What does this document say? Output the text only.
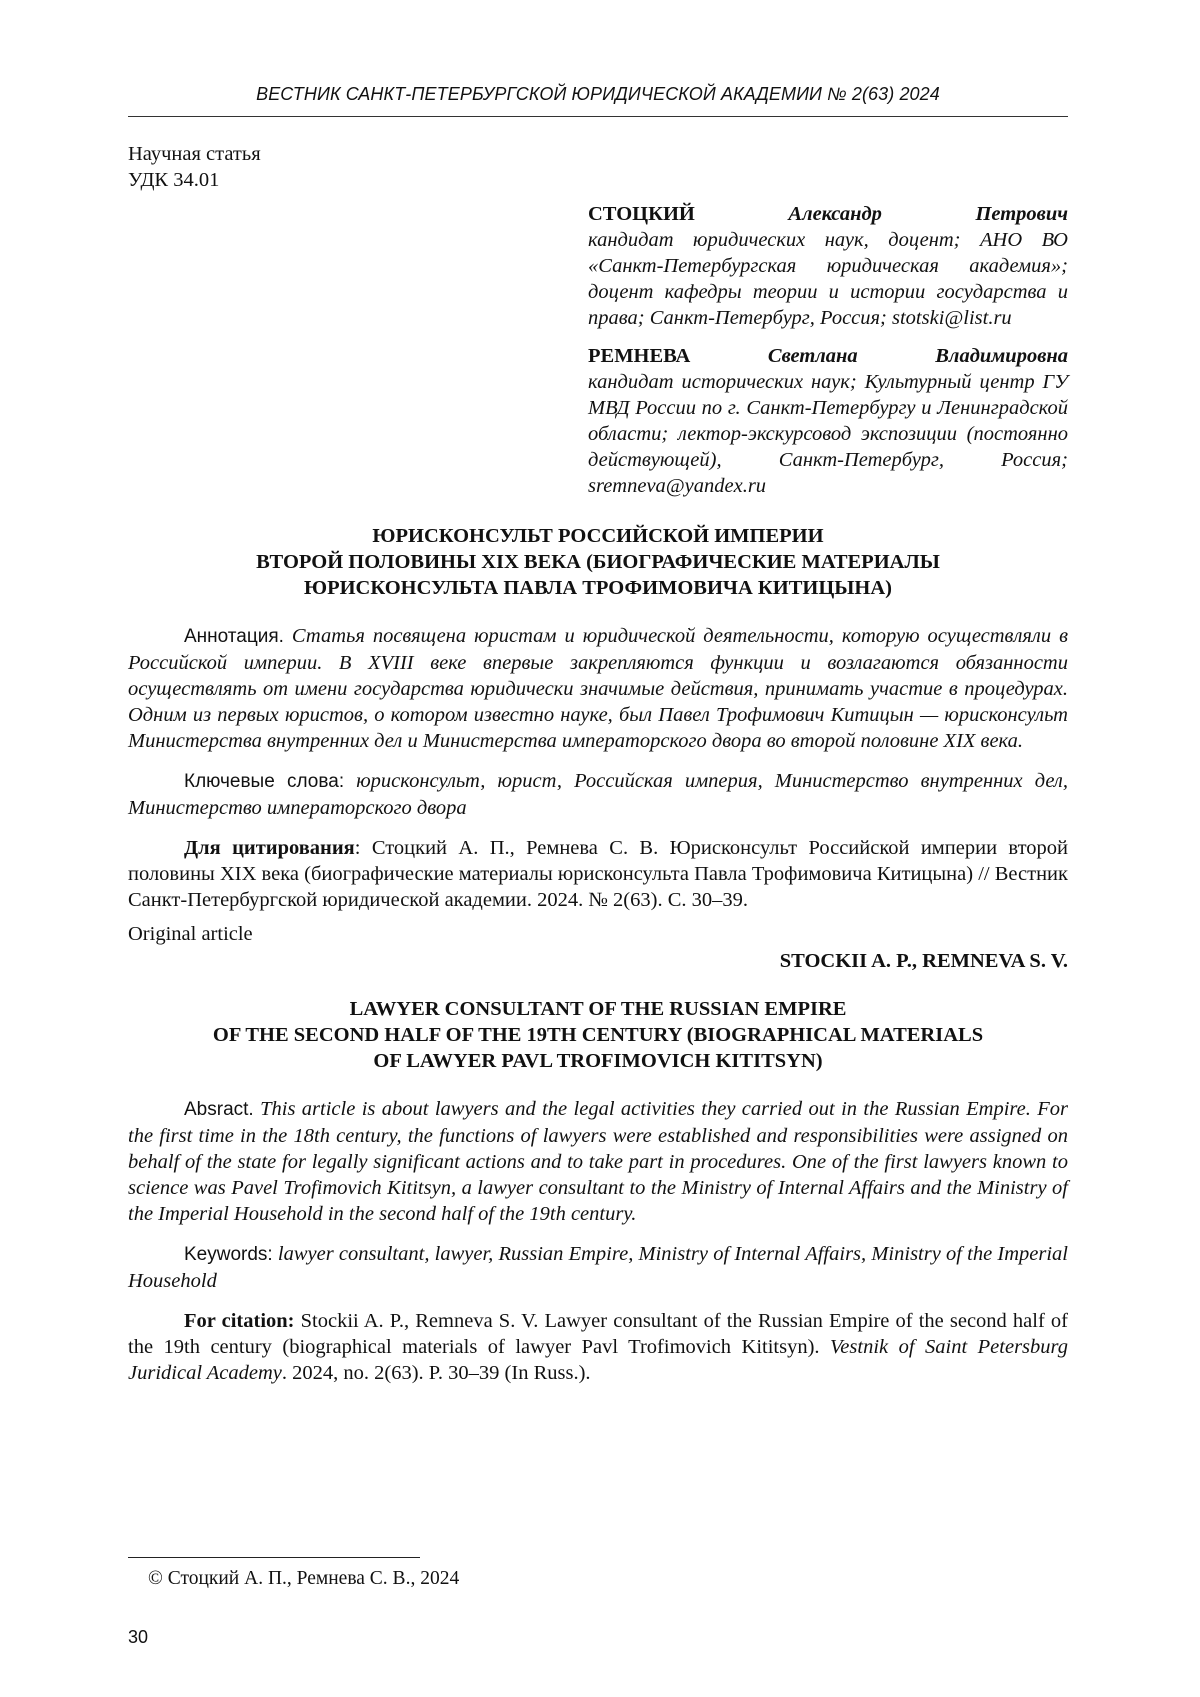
ВЕСТНИК САНКТ-ПЕТЕРБУРГСКОЙ ЮРИДИЧЕСКОЙ АКАДЕМИИ № 2(63) 2024

Научная статья

УДК 34.01

СТОЦКИЙ	Александр	Петрович

кандидат юридических наук, доцент; АНО ВО «Санкт-Петербургская юридическая академия»; доцент кафедры теории и истории государства и права; Санкт-Петербург, Россия; stotski@list.ru

РЕМНЕВА	Светлана	Владимировна

кандидат исторических наук; Культурный центр ГУ МВД России по г. Санкт-Петербургу и Ленинградской области; лектор-экскурсовод экспозиции (постоянно действующей), Санкт-Петербург, Россия; sremneva@yandex.ru

ЮРИСКОНСУЛЬТ РОССИЙСКОЙ ИМПЕРИИ
ВТОРОЙ ПОЛОВИНЫ XIX ВЕКА (БИОГРАФИЧЕСКИЕ МАТЕРИАЛЫ
ЮРИСКОНСУЛЬТА ПАВЛА ТРОФИМОВИЧА КИТИЦЫНА)

Аннотация. Статья посвящена юристам и юридической деятельности, которую осуществляли в Российской империи. В XVIII веке впервые закрепляются функции и возлагаются обязанности осуществлять от имени государства юридически значимые действия, принимать участие в процедурах. Одним из первых юристов, о котором известно науке, был Павел Трофимович Китицын — юрисконсульт Министерства внутренних дел и Министерства императорского двора во второй половине XIX века.

Ключевые слова: юрисконсульт, юрист, Российская империя, Министерство внутренних дел, Министерство императорского двора

Для цитирования: Стоцкий А. П., Ремнева С. В. Юрисконсульт Российской империи второй половины XIX века (биографические материалы юрисконсульта Павла Трофимовича Китицына) // Вестник Санкт-Петербургской юридической академии. 2024. № 2(63). С. 30–39.

Original article

STOCKII A. P., REMNEVA S. V.

LAWYER CONSULTANT OF THE RUSSIAN EMPIRE
OF THE SECOND HALF OF THE 19TH CENTURY (BIOGRAPHICAL MATERIALS
OF LAWYER PAVL TROFIMOVICH KITITSYN)

Absract. This article is about lawyers and the legal activities they carried out in the Russian Empire. For the first time in the 18th century, the functions of lawyers were established and responsibilities were assigned on behalf of the state for legally significant actions and to take part in procedures. One of the first lawyers known to science was Pavel Trofimovich Kititsyn, a lawyer consultant to the Ministry of Internal Affairs and the Ministry of the Imperial Household in the second half of the 19th century.

Keywords: lawyer consultant, lawyer, Russian Empire, Ministry of Internal Affairs, Ministry of the Imperial Household

For citation: Stockii A. P., Remneva S. V. Lawyer consultant of the Russian Empire of the second half of the 19th century (biographical materials of lawyer Pavl Trofimovich Kititsyn). Vestnik of Saint Petersburg Juridical Academy. 2024, no. 2(63). P. 30–39 (In Russ.).

© Стоцкий А. П., Ремнева С. В., 2024
30
